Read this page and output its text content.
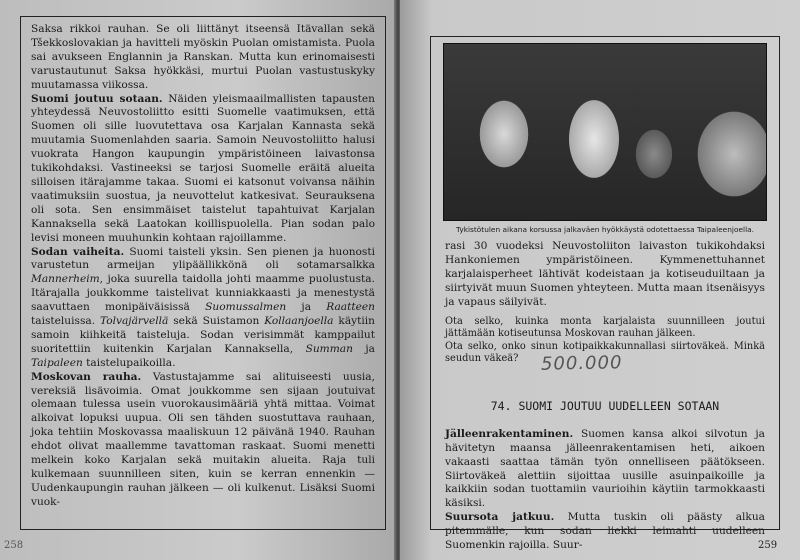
Saksa rikkoi rauhan. Se oli liittänyt itseensä Itävallan sekä Tšekkoslovakian ja havitteli myöskin Puolan omistamista. Puola sai avukseen Englannin ja Ranskan. Mutta kun erinomaisesti varustautunut Saksa hyökkäsi, murtui Puolan vastustuskyky muutamassa viikossa.

Suomi joutuu sotaan. Näiden yleismaailmallisten tapausten yhteydessä Neuvostoliitto esitti Suomelle vaatimuksen, että Suomen oli sille luovutettava osa Karjalan Kannasta sekä muutamia Suomenlahden saaria. Samoin Neuvostoliitto halusi vuokrata Hangon kaupungin ympäristöineen laivastonsa tukikohdaksi. Vastineeksi se tarjosi Suomelle eräitä alueita silloisen itärajamme takaa. Suomi ei katsonut voivansa näihin vaatimuksiin suostua, ja neuvottelut katkesivat. Seurauksena oli sota. Sen ensimmäiset taistelut tapahtuivat Karjalan Kannaksella sekä Laatokan koillispuolella. Pian sodan palo levisi moneen muuhunkin kohtaan rajoillamme.

Sodan vaiheita. Suomi taisteli yksin. Sen pienen ja huonosti varustetun armeijan ylipäällikkönä oli sotamarsalkka Mannerheim, joka suurella taidolla johti maamme puolustusta. Itärajalla joukkomme taistelivat kunniakkaasti ja menestystä saavuttaen monipäiväisissä Suomussalmen ja Raatteen taisteluissa. Tolvajärvellä sekä Suistamon Kollaanjoella käytiin samoin kiihkeitä taisteluja. Sodan verisimmät kamppailut suoritettiin kuitenkin Karjalan Kannaksella, Summan ja Taipaleen taistelupaikoilla.

Moskovan rauha. Vastustajamme sai alituiseesti uusia, vereksiä lisävoimia. Omat joukkomme sen sijaan joutuivat olemaan tulessa usein vuorokausimääriä yhtä mittaa. Voimat alkoivat lopuksi uupua. Oli sen tähden suostuttava rauhaan, joka tehtiin Moskovassa maaliskuun 12 päivänä 1940. Rauhan ehdot olivat maallemme tavattoman raskaat. Suomi menetti melkein koko Karjalan sekä muitakin alueita. Raja tuli kulkemaan suunnilleen siten, kuin se kerran ennenkin — Uudenkaupungin rauhan jälkeen — oli kulkenut. Lisäksi Suomi vuok-

258
Tykistötulen aikana korsussa jalkaväen hyökkäystä odotettaessa Taipaleenjoella.

rasi 30 vuodeksi Neuvostoliiton laivaston tukikohdaksi Hankoniemen ympäristöineen. Kymmenettuhannet karjalaisperheet lähtivät kodeistaan ja kotiseuduiltaan ja siirtyivät muun Suomen yhteyteen. Mutta maan itsenäisyys ja vapaus säilyivät.

Ota selko, kuinka monta karjalaista suunnilleen joutui jättämään kotiseutunsa Moskovan rauhan jälkeen.

Ota selko, onko sinun kotipaikkakunnallasi siirtoväkeä. Minkä seudun väkeä?

74. SUOMI JOUTUU UUDELLEEN SOTAAN

Jälleenrakentaminen. Suomen kansa alkoi silvotun ja hävitetyn maansa jälleenrakentamisen heti, aikoen vakaasti saattaa tämän työn onnelliseen päätökseen. Siirtoväkeä alettiin sijoittaa uusille asuinpaikoille ja kaikkiin sodan tuottamiin vaurioihin käytiin tarmokkaasti käsiksi.

Suursota jatkuu. Mutta tuskin oli päästy alkua pitemmälle, kun sodan liekki leimahti uudelleen Suomenkin rajoilla. Suur-

500.000
259
